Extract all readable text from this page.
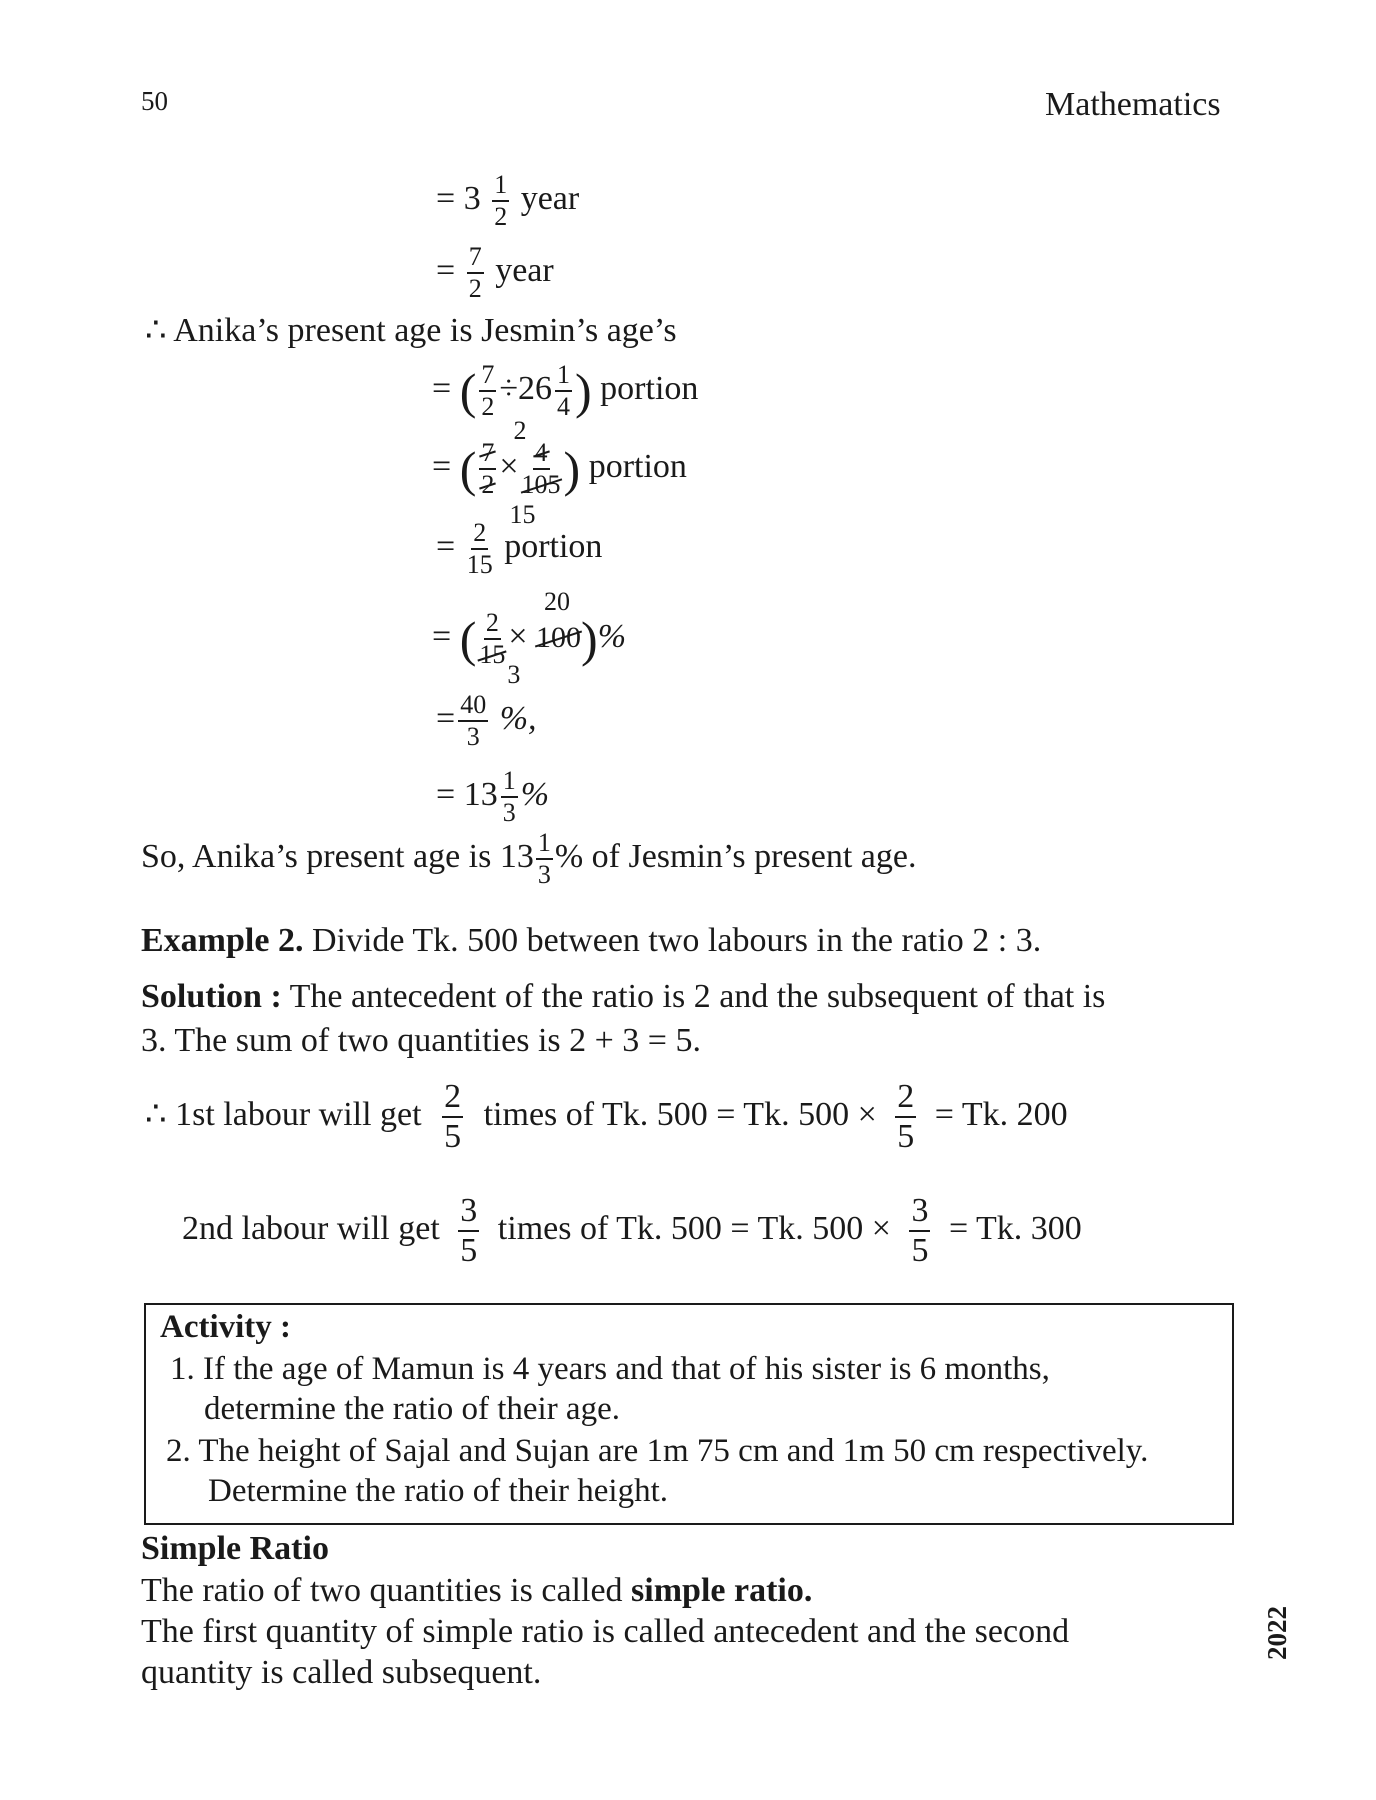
50	Mathematics
= $3 \frac{1}{2}$ year
= $\frac{7}{2}$ year
∴ Anika’s present age is Jesmin’s age’s
= ( $\frac{7}{2} \div 26 \frac{1}{4}$ ) portion
= ( $\frac{7}{2} \times 4$
105
2
15
) portion
= $\frac{2}{15}$ portion
= ( 2
15
3
× 100
20
)%
= $\frac{40}{3}$ %,
= $13 \frac{1}{3}$ %
So, Anika’s present age is $13 \frac{1}{3}$ % of Jesmin’s present age.
Example 2. Divide Tk. 500 between two labours in the ratio 2 : 3.
Solution : The antecedent of the ratio is 2 and the subsequent of that is
3. The sum of two quantities is 2 + 3 = 5.
∴ 1st labour will get $\frac{2}{5}$ times of Tk. 500 = Tk. $500 \times \frac{2}{5} = Tk$. 200
2nd labour will get $\frac{3}{5}$ times of Tk. 500 = Tk. $500 \times \frac{3}{5} = Tk$. 300
Activity :
1. If the age of Mamun is 4 years and that of his sister is 6 months,
determine the ratio of their age.
2. The height of Sajal and Sujan are 1m 75 cm and 1m 50 cm respectively.
Determine the ratio of their height.
Simple Ratio
The ratio of two quantities is called simple ratio.
The first quantity of simple ratio is called antecedent and the second
quantity is called subsequent.
2022
